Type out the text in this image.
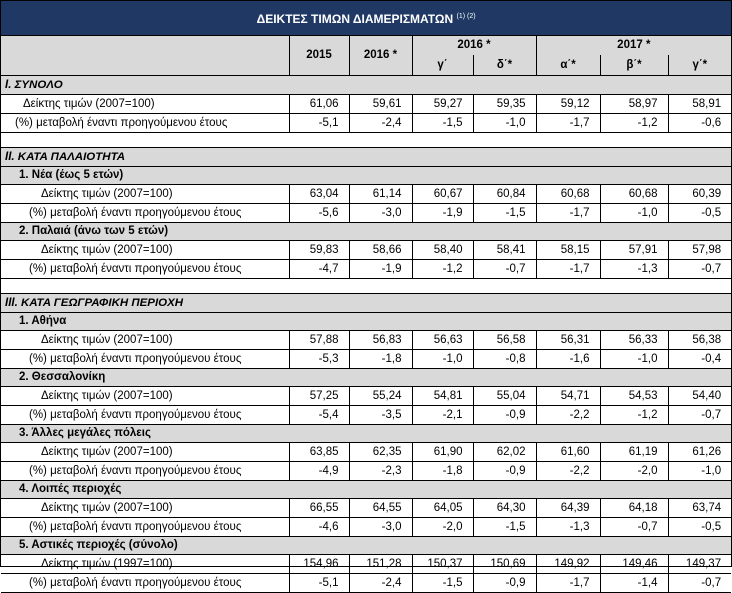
ΔΕΙΚΤΕΣ ΤΙΜΩΝ ΔΙΑΜΕΡΙΣΜΑΤΩΝ $^{(1) (2)}$
	2015	2016 *	2016 *		2017 *		
			γ΄	δ΄*	α΄*	β΄*	γ΄*
I. ΣΥΝΟΛΟ							
Δείκτης τιμών (2007=100)	61,06	59,61	59,27	59,35	59,12	58,97	58,91
(%) μεταβολή έναντι προηγούμενου έτους	-5,1	-2,4	-1,5	-1,0	-1,7	-1,2	-0,6

II. ΚΑΤΑ ΠΑΛΑΙΟΤΗΤΑ							
1. Νέα (έως 5 ετών)							
Δείκτης τιμών (2007=100)	63,04	61,14	60,67	60,84	60,68	60,68	60,39
(%) μεταβολή έναντι προηγούμενου έτους	-5,6	-3,0	-1,9	-1,5	-1,7	-1,0	-0,5
2. Παλαιά (άνω των 5 ετών)							
Δείκτης τιμών (2007=100)	59,83	58,66	58,40	58,41	58,15	57,91	57,98
(%) μεταβολή έναντι προηγούμενου έτους	-4,7	-1,9	-1,2	-0,7	-1,7	-1,3	-0,7

III. ΚΑΤΑ ΓΕΩΓΡΑΦΙΚΗ ΠΕΡΙΟΧΗ							
1. Αθήνα							
Δείκτης τιμών (2007=100)	57,88	56,83	56,63	56,58	56,31	56,33	56,38
(%) μεταβολή έναντι προηγούμενου έτους	-5,3	-1,8	-1,0	-0,8	-1,6	-1,0	-0,4
2. Θεσσαλονίκη							
Δείκτης τιμών (2007=100)	57,25	55,24	54,81	55,04	54,71	54,53	54,40
(%) μεταβολή έναντι προηγούμενου έτους	-5,4	-3,5	-2,1	-0,9	-2,2	-1,2	-0,7
3. Άλλες μεγάλες πόλεις							
Δείκτης τιμών (2007=100)	63,85	62,35	61,90	62,02	61,60	61,19	61,26
(%) μεταβολή έναντι προηγούμενου έτους	-4,9	-2,3	-1,8	-0,9	-2,2	-2,0	-1,0
4. Λοιπές περιοχές							
Δείκτης τιμών (2007=100)	66,55	64,55	64,05	64,30	64,39	64,18	63,74
(%) μεταβολή έναντι προηγούμενου έτους	-4,6	-3,0	-2,0	-1,5	-1,3	-0,7	-0,5
5. Αστικές περιοχές (σύνολο)							
Δείκτης τιμών (1997=100)	154,96	151,28	150,37	150,69	149,92	149,46	149,37
(%) μεταβολή έναντι προηγούμενου έτους	-5,1	-2,4	-1,5	-0,9	-1,7	-1,4	-0,7
